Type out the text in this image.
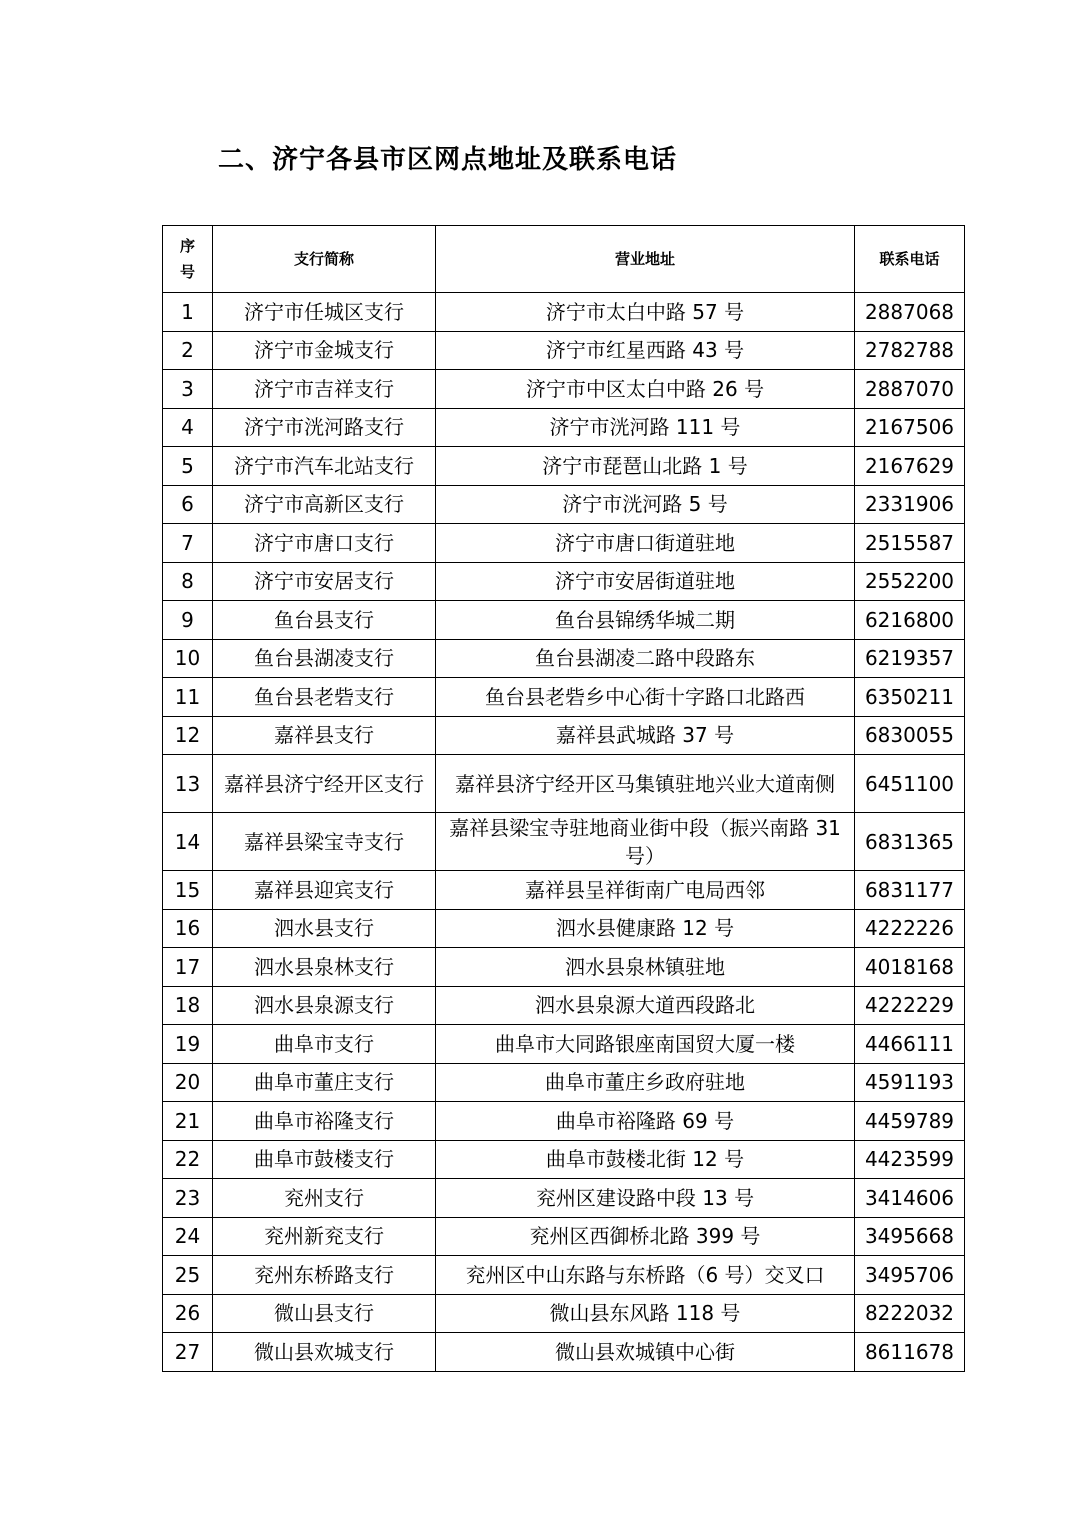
二、济宁各县市区网点地址及联系电话
序号	支行简称	营业地址	联系电话
1	济宁市任城区支行	济宁市太白中路 57 号	2887068
2	济宁市金城支行	济宁市红星西路 43 号	2782788
3	济宁市吉祥支行	济宁市中区太白中路 26 号	2887070
4	济宁市洸河路支行	济宁市洸河路 111 号	2167506
5	济宁市汽车北站支行	济宁市琵琶山北路 1 号	2167629
6	济宁市高新区支行	济宁市洸河路 5 号	2331906
7	济宁市唐口支行	济宁市唐口街道驻地	2515587
8	济宁市安居支行	济宁市安居街道驻地	2552200
9	鱼台县支行	鱼台县锦绣华城二期	6216800
10	鱼台县湖凌支行	鱼台县湖凌二路中段路东	6219357
11	鱼台县老砦支行	鱼台县老砦乡中心街十字路口北路西	6350211
12	嘉祥县支行	嘉祥县武城路 37 号	6830055
13	嘉祥县济宁经开区支行	嘉祥县济宁经开区马集镇驻地兴业大道南侧	6451100
14	嘉祥县梁宝寺支行	嘉祥县梁宝寺驻地商业街中段（振兴南路 31 号）	6831365
15	嘉祥县迎宾支行	嘉祥县呈祥街南广电局西邻	6831177
16	泗水县支行	泗水县健康路 12 号	4222226
17	泗水县泉林支行	泗水县泉林镇驻地	4018168
18	泗水县泉源支行	泗水县泉源大道西段路北	4222229
19	曲阜市支行	曲阜市大同路银座南国贸大厦一楼	4466111
20	曲阜市董庄支行	曲阜市董庄乡政府驻地	4591193
21	曲阜市裕隆支行	曲阜市裕隆路 69 号	4459789
22	曲阜市鼓楼支行	曲阜市鼓楼北街 12 号	4423599
23	兖州支行	兖州区建设路中段 13 号	3414606
24	兖州新兖支行	兖州区西御桥北路 399 号	3495668
25	兖州东桥路支行	兖州区中山东路与东桥路（6 号）交叉口	3495706
26	微山县支行	微山县东风路 118 号	8222032
27	微山县欢城支行	微山县欢城镇中心街	8611678
